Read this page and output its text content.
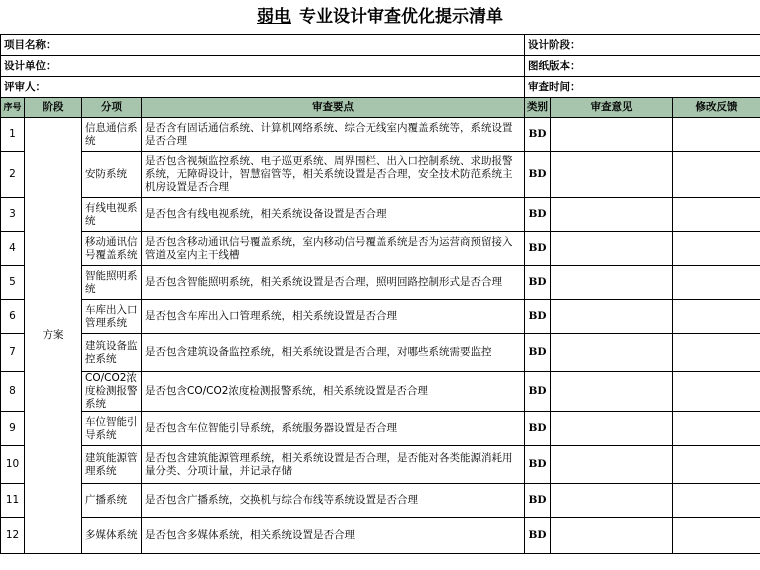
弱电 专业设计审查优化提示清单
项目名称：				设计阶段：		
设计单位：				图纸版本：		
评审人：				审查时间：		
序号	阶段	分项	审查要点	类别	审查意见	修改反馈
1	方案	信息通信系统	是否含有固话通信系统、计算机网络系统、综合无线室内覆盖系统等，系统设置是否合理	BD		
2		安防系统	是否包含视频监控系统、电子巡更系统、周界围栏、出入口控制系统、求助报警系统，无障碍设计，智慧宿管等，相关系统设置是否合理，安全技术防范系统主机房设置是否合理	BD		
3		有线电视系统	是否包含有线电视系统，相关系统设备设置是否合理	BD		
4		移动通讯信号覆盖系统	是否包含移动通讯信号覆盖系统，室内移动信号覆盖系统是否为运营商预留接入管道及室内主干线槽	BD		
5		智能照明系统	是否包含智能照明系统，相关系统设置是否合理，照明回路控制形式是否合理	BD		
6		车库出入口管理系统	是否包含车库出入口管理系统，相关系统设置是否合理	BD		
7		建筑设备监控系统	是否包含建筑设备监控系统，相关系统设置是否合理，对哪些系统需要监控	BD		
8		CO/CO2浓度检测报警系统	是否包含CO/CO2浓度检测报警系统，相关系统设置是否合理	BD		
9		车位智能引导系统	是否包含车位智能引导系统，系统服务器设置是否合理	BD		
10		建筑能源管理系统	是否包含建筑能源管理系统，相关系统设置是否合理，是否能对各类能源消耗用量分类、分项计量，并记录存储	BD		
11		广播系统	是否包含广播系统，交换机与综合布线等系统设置是否合理	BD		
12		多媒体系统	是否包含多媒体系统，相关系统设置是否合理	BD		
